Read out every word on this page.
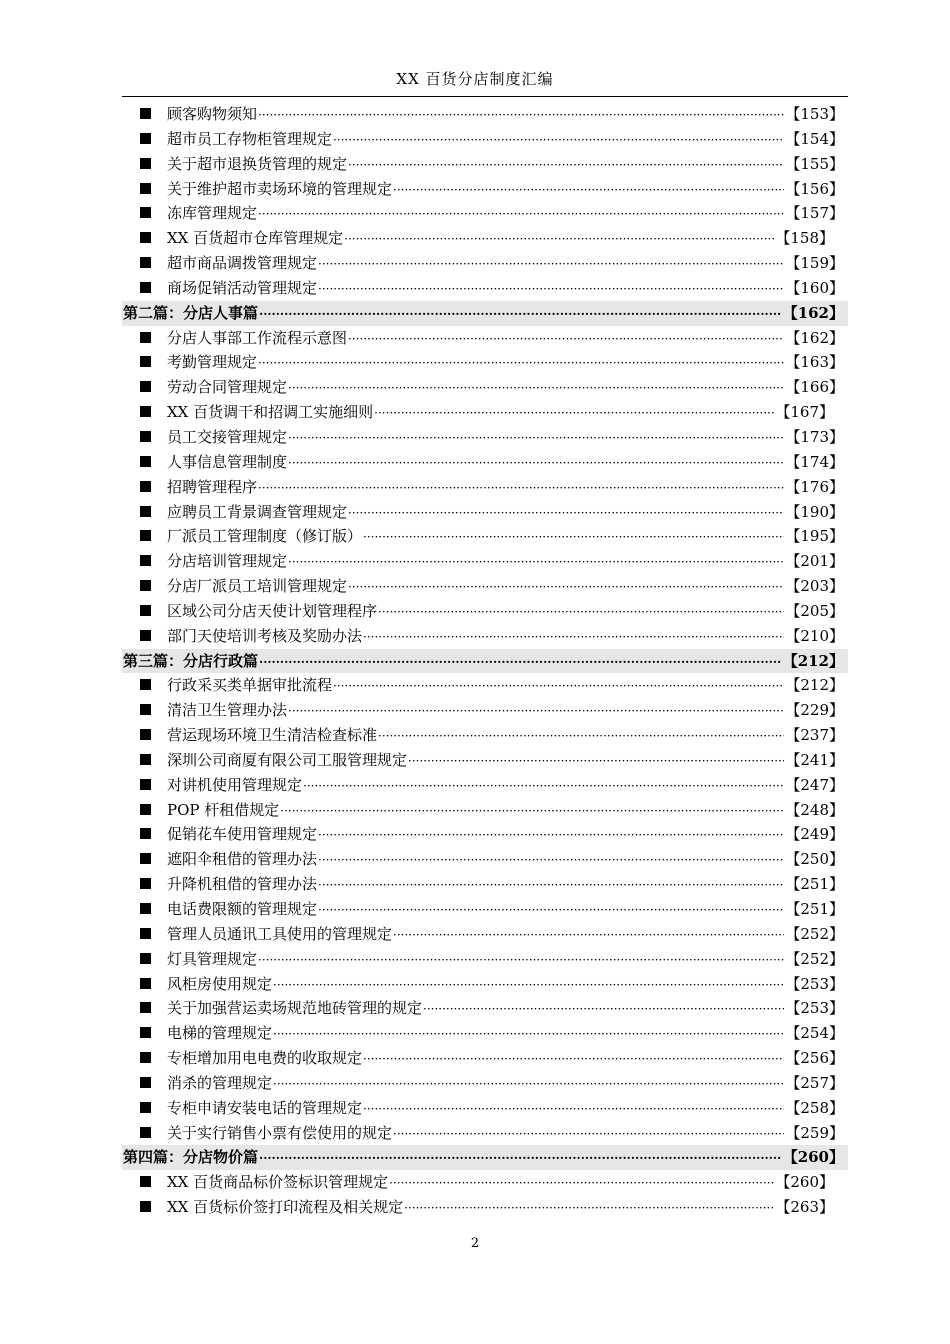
XX 百货分店制度汇编
顾客购物须知 ·····	【153】
超市员工存物柜管理规定 ·····	【154】
关于超市退换货管理的规定 ·····	【155】
关于维护超市卖场环境的管理规定 ·····	【156】
冻库管理规定 ·····	【157】
XX 百货超市仓库管理规定 ·····	【158】
超市商品调拨管理规定 ·····	【159】
商场促销活动管理规定 ·····	【160】
第二篇：分店人事篇 ·····	【162】
分店人事部工作流程示意图 ·····	【162】
考勤管理规定 ·····	【163】
劳动合同管理规定 ·····	【166】
XX 百货调干和招调工实施细则 ·····	【167】
员工交接管理规定 ·····	【173】
人事信息管理制度 ·····	【174】
招聘管理程序 ·····	【176】
应聘员工背景调查管理规定 ·····	【190】
厂派员工管理制度（修订版） ·····	【195】
分店培训管理规定 ·····	【201】
分店厂派员工培训管理规定 ·····	【203】
区域公司分店天使计划管理程序 ·····	【205】
部门天使培训考核及奖励办法 ·····	【210】
第三篇：分店行政篇 ·····	【212】
行政采买类单据审批流程 ·····	【212】
清洁卫生管理办法 ·····	【229】
营运现场环境卫生清洁检查标准 ·····	【237】
深圳公司商厦有限公司工服管理规定 ·····	【241】
对讲机使用管理规定 ·····	【247】
POP 杆租借规定 ·····	【248】
促销花车使用管理规定 ·····	【249】
遮阳伞租借的管理办法 ·····	【250】
升降机租借的管理办法 ·····	【251】
电话费限额的管理规定 ·····	【251】
管理人员通讯工具使用的管理规定 ·····	【252】
灯具管理规定 ·····	【252】
风柜房使用规定 ·····	【253】
关于加强营运卖场规范地砖管理的规定 ·····	【253】
电梯的管理规定 ·····	【254】
专柜增加用电电费的收取规定 ·····	【256】
消杀的管理规定 ·····	【257】
专柜申请安装电话的管理规定 ·····	【258】
关于实行销售小票有偿使用的规定 ·····	【259】
第四篇：分店物价篇 ·····	【260】
XX 百货商品标价签标识管理规定 ·····	【260】
XX 百货标价签打印流程及相关规定 ·····	【263】
2
